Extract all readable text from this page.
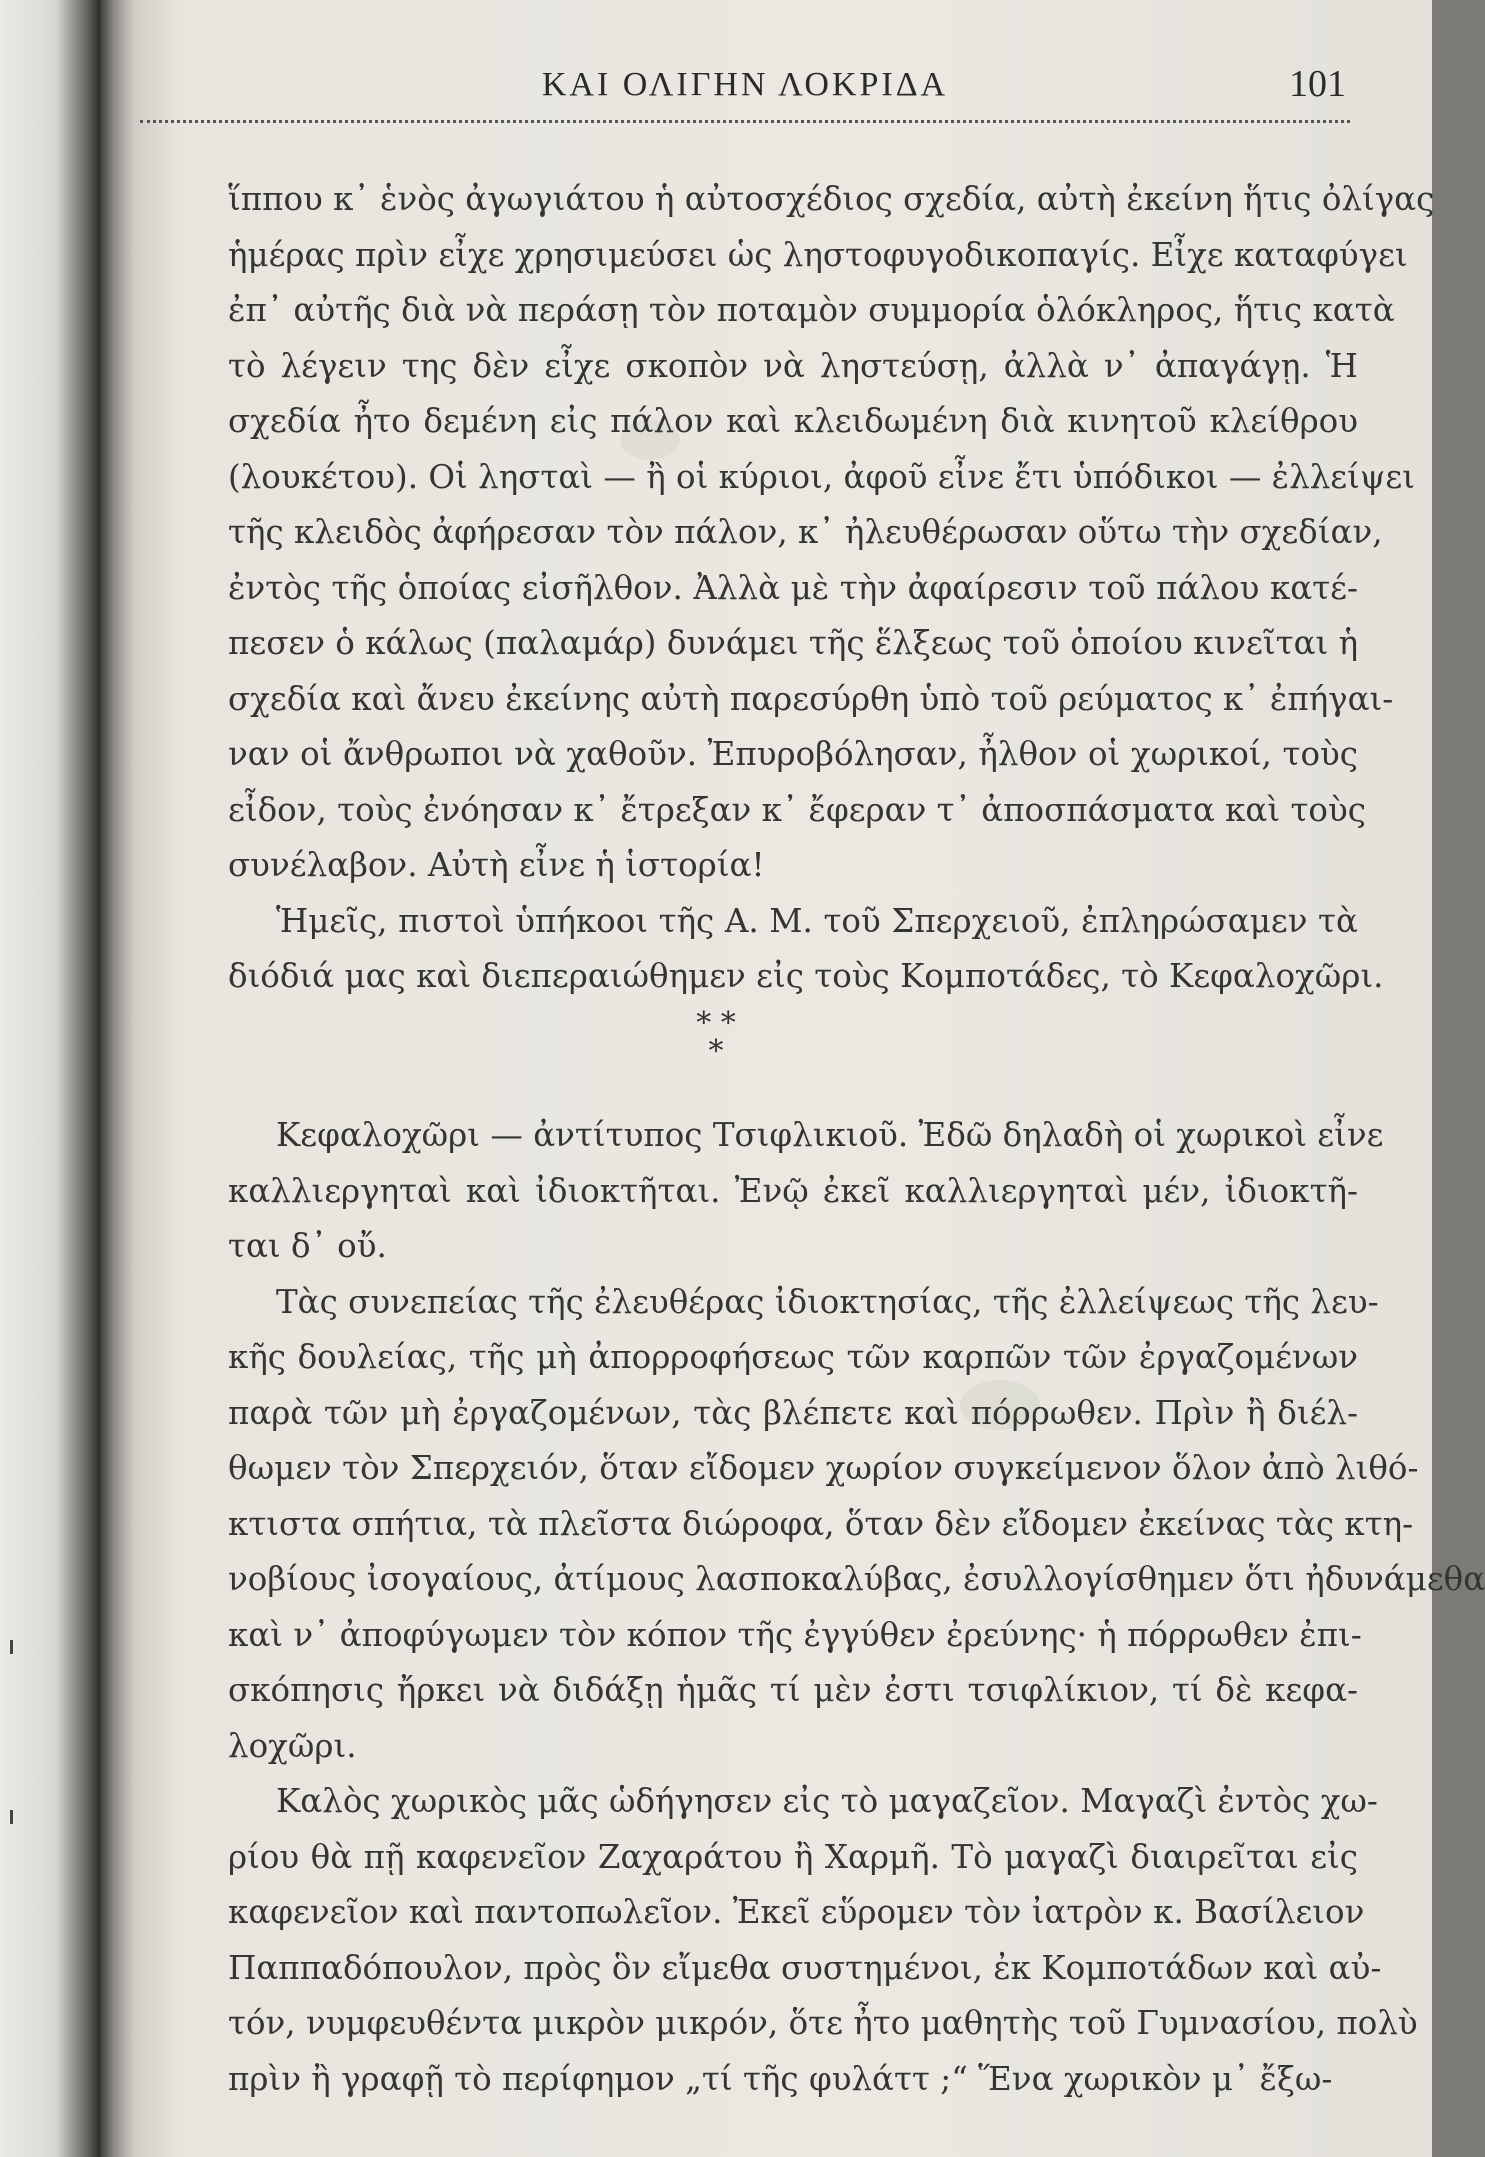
ΚΑΙ ΟΛΙΓΗΝ ΛΟΚΡΙΔΑ	101
ἵππου κ᾽ ἑνὸς ἀγωγιάτου ἡ αὐτοσχέδιος σχεδία, αὐτὴ ἐκείνη ἥτις ὀλίγας
ἡμέρας πρὶν εἶχε χρησιμεύσει ὡς ληστοφυγοδικοπαγίς. Εἶχε καταφύγει
ἐπ᾽ αὐτῆς διὰ νὰ περάσῃ τὸν ποταμὸν συμμορία ὁλόκληρος, ἥτις κατὰ
τὸ λέγειν της δὲν εἶχε σκοπὸν νὰ ληστεύσῃ, ἀλλὰ ν᾽ ἀπαγάγῃ. Ἡ
σχεδία ἦτο δεμένη εἰς πάλον καὶ κλειδωμένη διὰ κινητοῦ κλείθρου
(λουκέτου). Οἱ λησταὶ — ἢ οἱ κύριοι, ἀφοῦ εἶνε ἔτι ὑπόδικοι — ἐλλείψει
τῆς κλειδὸς ἀφήρεσαν τὸν πάλον, κ᾽ ἠλευθέρωσαν οὕτω τὴν σχεδίαν,
ἐντὸς τῆς ὁποίας εἰσῆλθον. Ἀλλὰ μὲ τὴν ἀφαίρεσιν τοῦ πάλου κατέ-
πεσεν ὁ κάλως (παλαμάρ) δυνάμει τῆς ἕλξεως τοῦ ὁποίου κινεῖται ἡ
σχεδία καὶ ἄνευ ἐκείνης αὐτὴ παρεσύρθη ὑπὸ τοῦ ρεύματος κ᾽ ἐπήγαι-
ναν οἱ ἄνθρωποι νὰ χαθοῦν. Ἐπυροβόλησαν, ἦλθον οἱ χωρικοί, τοὺς
εἶδον, τοὺς ἐνόησαν κ᾽ ἔτρεξαν κ᾽ ἔφεραν τ᾽ ἀποσπάσματα καὶ τοὺς
συνέλαβον. Αὐτὴ εἶνε ἡ ἱστορία!
Ἡμεῖς, πιστοὶ ὑπήκοοι τῆς Α. Μ. τοῦ Σπερχειοῦ, ἐπληρώσαμεν τὰ
διόδιά μας καὶ διεπεραιώθημεν εἰς τοὺς Κομποτάδες, τὸ Κεφαλοχῶρι.
* *
*
Κεφαλοχῶρι — ἀντίτυπος Τσιφλικιοῦ. Ἐδῶ δηλαδὴ οἱ χωρικοὶ εἶνε
καλλιεργηταὶ καὶ ἰδιοκτῆται. Ἐνῷ ἐκεῖ καλλιεργηταὶ μέν, ἰδιοκτῆ-
ται δ᾽ οὔ.
Τὰς συνεπείας τῆς ἐλευθέρας ἰδιοκτησίας, τῆς ἐλλείψεως τῆς λευ-
κῆς δουλείας, τῆς μὴ ἀπορροφήσεως τῶν καρπῶν τῶν ἐργαζομένων
παρὰ τῶν μὴ ἐργαζομένων, τὰς βλέπετε καὶ πόρρωθεν. Πρὶν ἢ διέλ-
θωμεν τὸν Σπερχειόν, ὅταν εἴδομεν χωρίον συγκείμενον ὅλον ἀπὸ λιθό-
κτιστα σπήτια, τὰ πλεῖστα διώροφα, ὅταν δὲν εἴδομεν ἐκείνας τὰς κτη-
νοβίους ἰσογαίους, ἀτίμους λασποκαλύβας, ἐσυλλογίσθημεν ὅτι ἠδυνάμεθα
καὶ ν᾽ ἀποφύγωμεν τὸν κόπον τῆς ἐγγύθεν ἐρεύνης· ἡ πόρρωθεν ἐπι-
σκόπησις ἤρκει νὰ διδάξῃ ἡμᾶς τί μὲν ἐστι τσιφλίκιον, τί δὲ κεφα-
λοχῶρι.
Καλὸς χωρικὸς μᾶς ὡδήγησεν εἰς τὸ μαγαζεῖον. Μαγαζὶ ἐντὸς χω-
ρίου θὰ πῇ καφενεῖον Ζαχαράτου ἢ Χαρμῆ. Τὸ μαγαζὶ διαιρεῖται εἰς
καφενεῖον καὶ παντοπωλεῖον. Ἐκεῖ εὕρομεν τὸν ἰατρὸν κ. Βασίλειον
Παππαδόπουλον, πρὸς ὃν εἴμεθα συστημένοι, ἐκ Κομποτάδων καὶ αὐ-
τόν, νυμφευθέντα μικρὸν μικρόν, ὅτε ἦτο μαθητὴς τοῦ Γυμνασίου, πολὺ
πρὶν ἢ γραφῇ τὸ περίφημον „τί τῆς φυλάττ ;“ Ἕνα χωρικὸν μ᾽ ἔξω-
